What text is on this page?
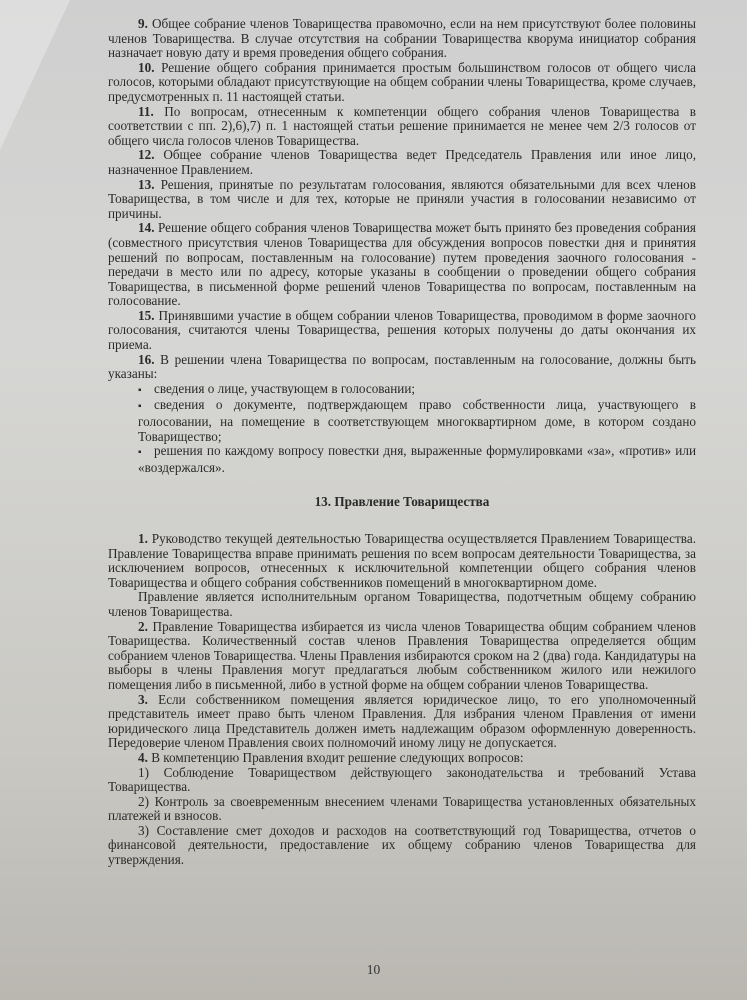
9. Общее собрание членов Товарищества правомочно, если на нем присутствуют более половины членов Товарищества. В случае отсутствия на собрании Товарищества кворума инициатор собрания назначает новую дату и время проведения общего собрания.

10. Решение общего собрания принимается простым большинством голосов от общего числа голосов, которыми обладают присутствующие на общем собрании члены Товарищества, кроме случаев, предусмотренных п. 11 настоящей статьи.

11. По вопросам, отнесенным к компетенции общего собрания членов Товарищества в соответствии с пп. 2),6),7) п. 1 настоящей статьи решение принимается не менее чем 2/3 голосов от общего числа голосов членов Товарищества.

12. Общее собрание членов Товарищества ведет Председатель Правления или иное лицо, назначенное Правлением.

13. Решения, принятые по результатам голосования, являются обязательными для всех членов Товарищества, в том числе и для тех, которые не приняли участия в голосовании независимо от причины.

14. Решение общего собрания членов Товарищества может быть принято без проведения собрания (совместного присутствия членов Товарищества для обсуждения вопросов повестки дня и принятия решений по вопросам, поставленным на голосование) путем проведения заочного голосования - передачи в место или по адресу, которые указаны в сообщении о проведении общего собрания Товарищества, в письменной форме решений членов Товарищества по вопросам, поставленным на голосование.

15. Принявшими участие в общем собрании членов Товарищества, проводимом в форме заочного голосования, считаются члены Товарищества, решения которых получены до даты окончания их приема.

16. В решении члена Товарищества по вопросам, поставленным на голосование, должны быть указаны:

▪ сведения о лице, участвующем в голосовании;

▪ сведения о документе, подтверждающем право собственности лица, участвующего в голосовании, на помещение в соответствующем многоквартирном доме, в котором создано Товарищество;

▪ решения по каждому вопросу повестки дня, выраженные формулировками «за», «против» или «воздержался».

13. Правление Товарищества

1. Руководство текущей деятельностью Товарищества осуществляется Правлением Товарищества. Правление Товарищества вправе принимать решения по всем вопросам деятельности Товарищества, за исключением вопросов, отнесенных к исключительной компетенции общего собрания членов Товарищества и общего собрания собственников помещений в многоквартирном доме.

Правление является исполнительным органом Товарищества, подотчетным общему собранию членов Товарищества.

2. Правление Товарищества избирается из числа членов Товарищества общим собранием членов Товарищества. Количественный состав членов Правления Товарищества определяется общим собранием членов Товарищества. Члены Правления избираются сроком на 2 (два) года. Кандидатуры на выборы в члены Правления могут предлагаться любым собственником жилого или нежилого помещения либо в письменной, либо в устной форме на общем собрании членов Товарищества.

3. Если собственником помещения является юридическое лицо, то его уполномоченный представитель имеет право быть членом Правления. Для избрания членом Правления от имени юридического лица Представитель должен иметь надлежащим образом оформленную доверенность. Передоверие членом Правления своих полномочий иному лицу не допускается.

4. В компетенцию Правления входит решение следующих вопросов:

1) Соблюдение Товариществом действующего законодательства и требований Устава Товарищества.

2) Контроль за своевременным внесением членами Товарищества установленных обязательных платежей и взносов.

3) Составление смет доходов и расходов на соответствующий год Товарищества, отчетов о финансовой деятельности, предоставление их общему собранию членов Товарищества для утверждения.

10
